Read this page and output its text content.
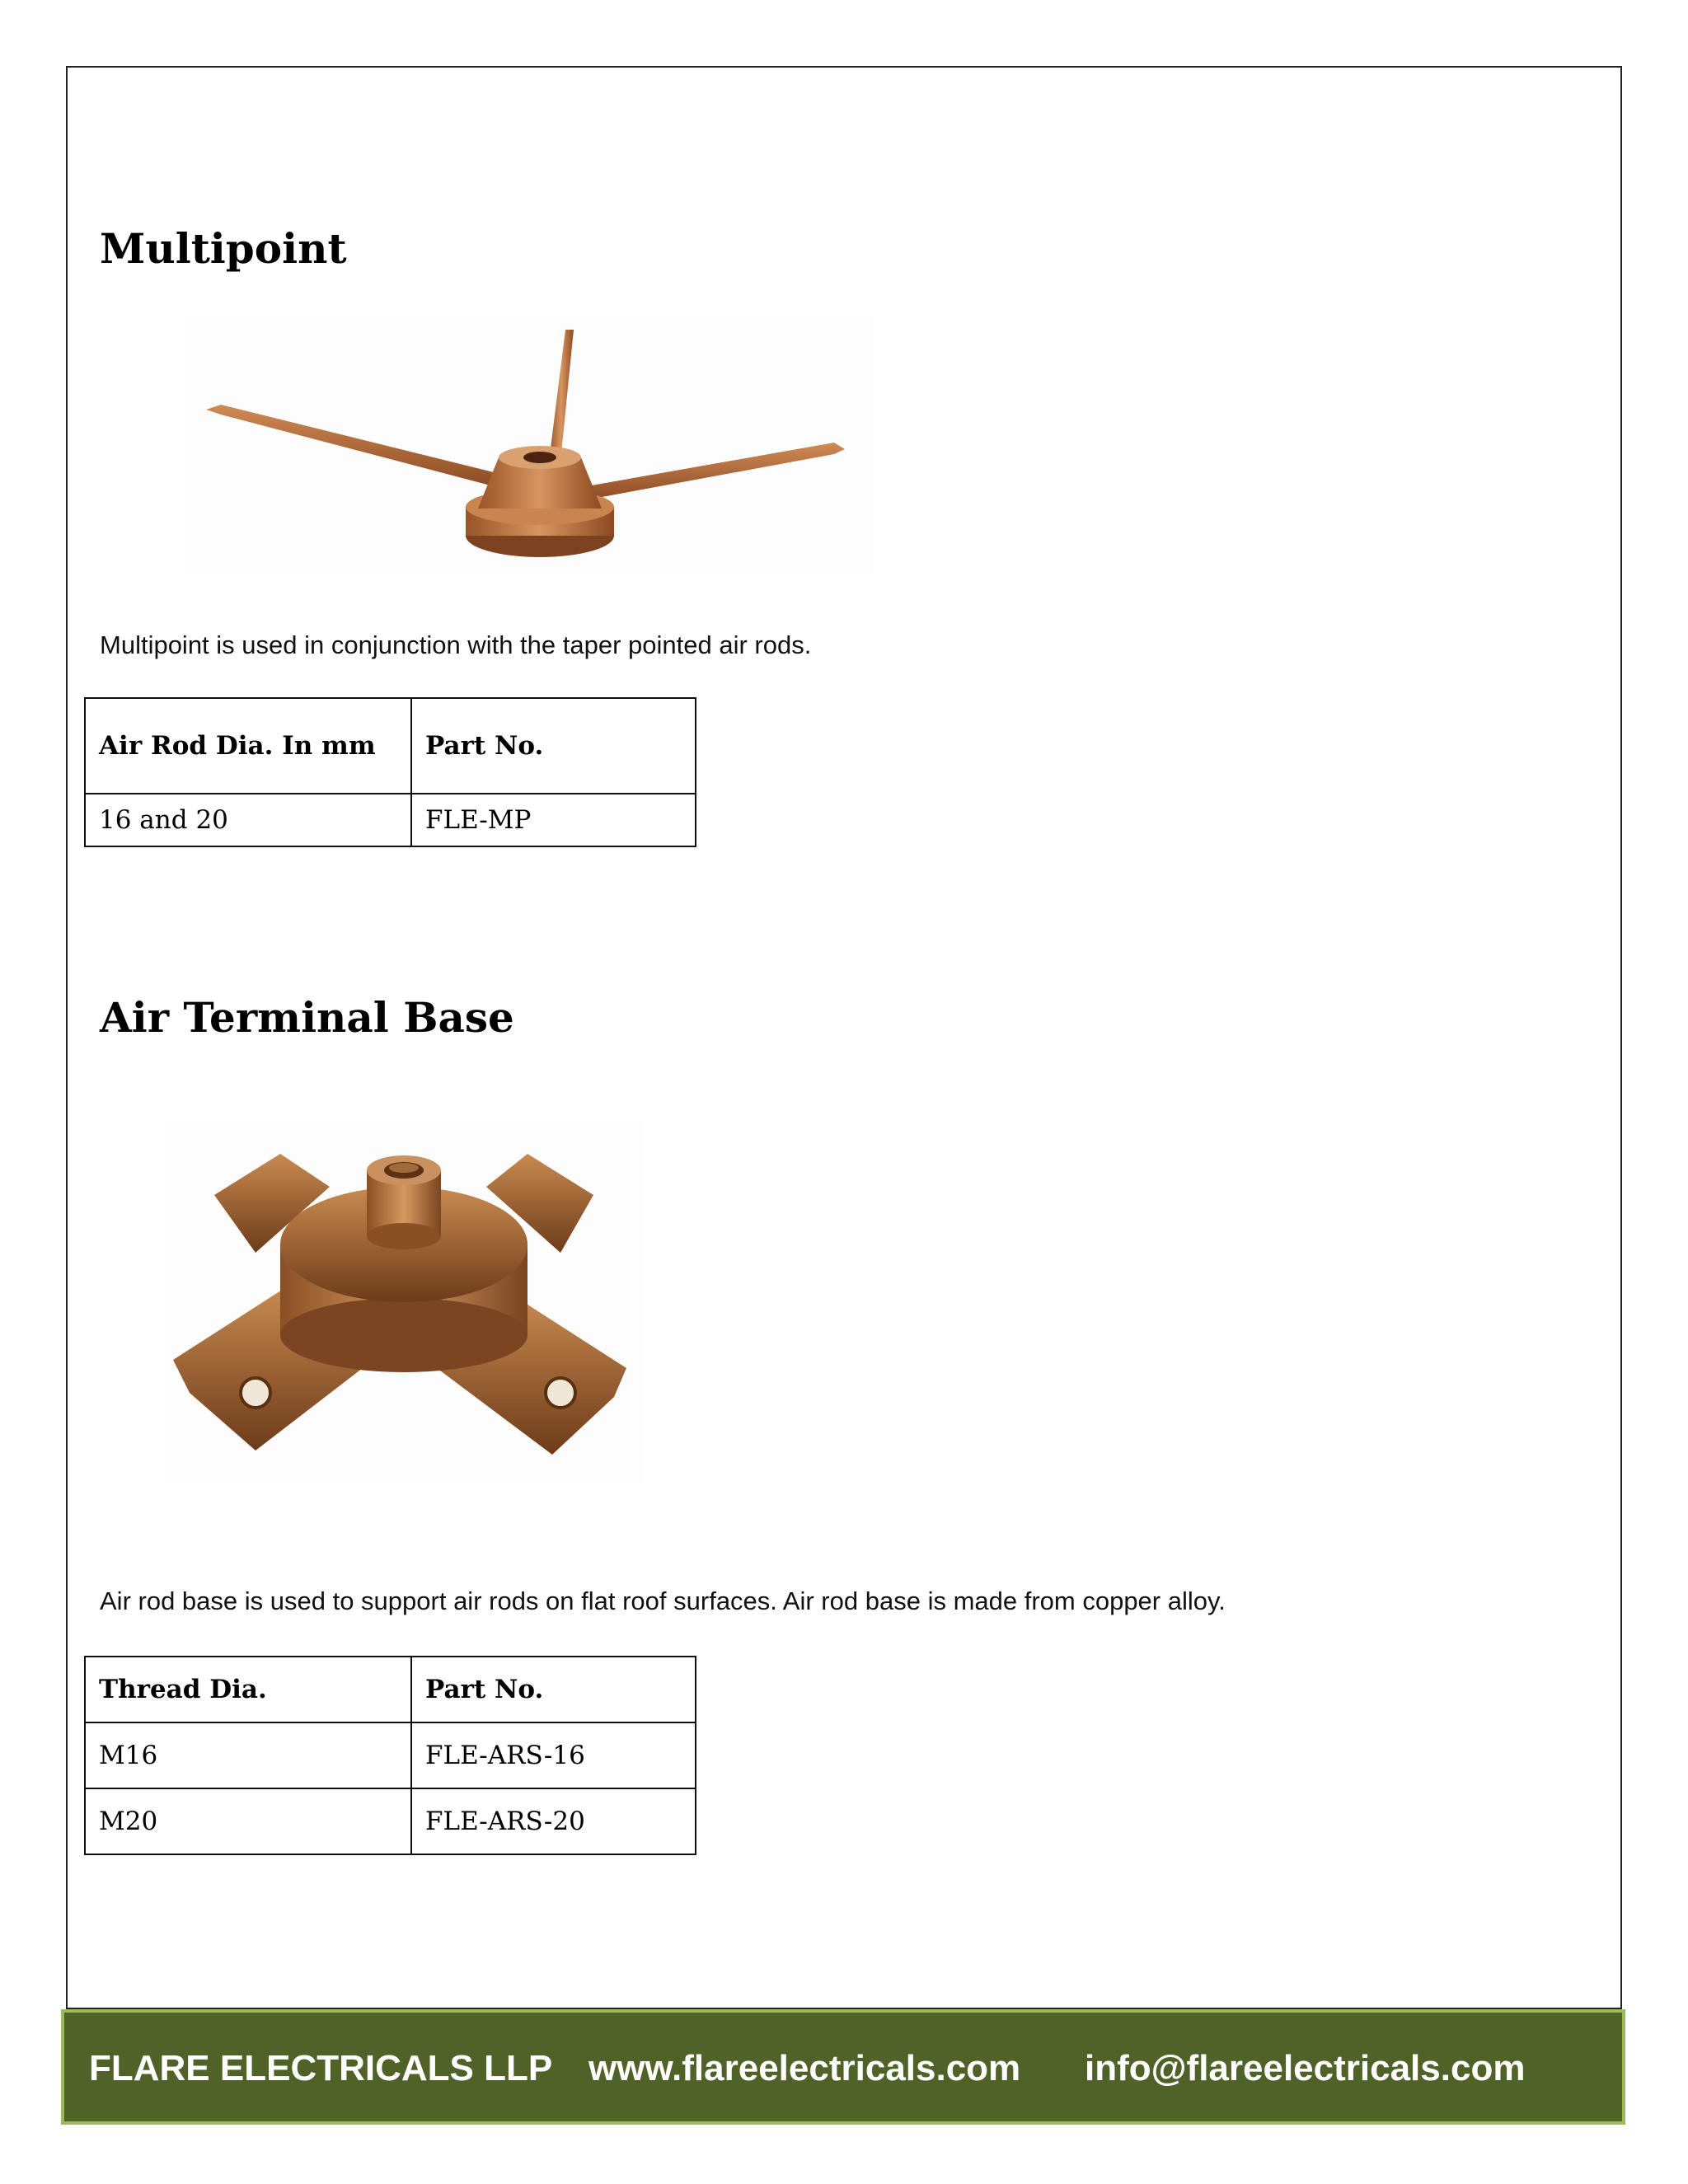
Multipoint

Multipoint is used in conjunction with the taper pointed air rods.

Air Rod Dia. In mm	Part No.
16 and 20	FLE-MP
Air Terminal Base

Air rod base is used to support air rods on flat roof surfaces. Air rod base is made from copper alloy.

Thread Dia.	Part No.
M16	FLE-ARS-16
M20	FLE-ARS-20
FLARE ELECTRICALS LLP www.flareelectricals.com info@flareelectricals.com
